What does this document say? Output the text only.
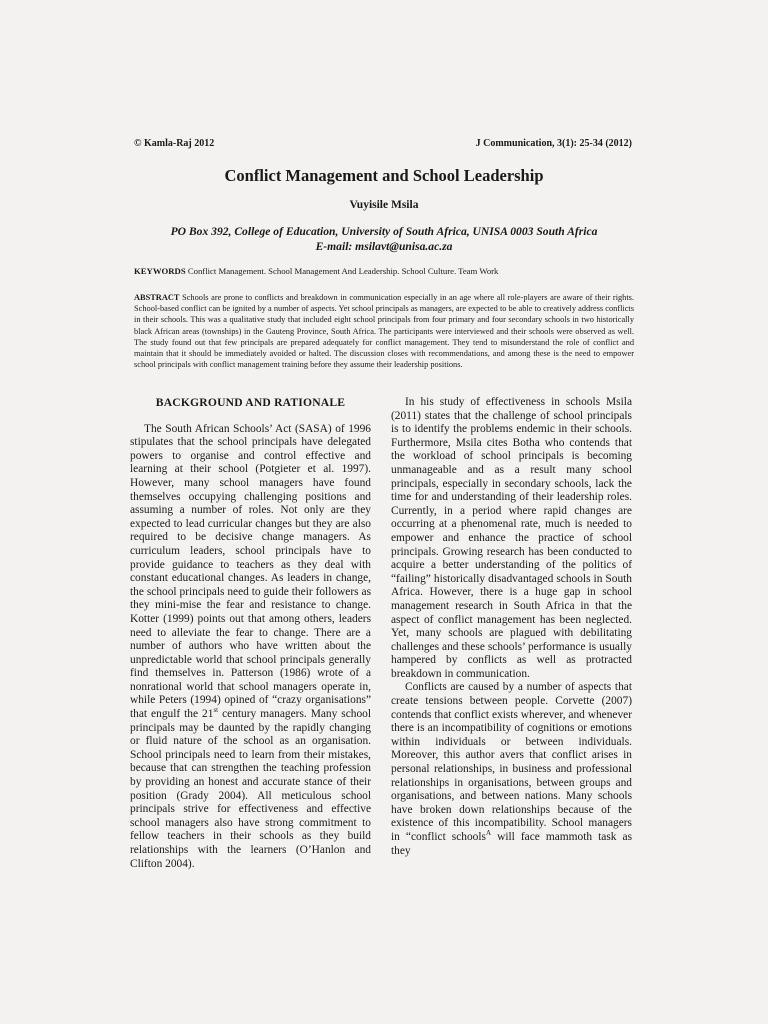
© Kamla-Raj 2012	J Communication, 3(1): 25-34 (2012)
Conflict Management and School Leadership
Vuyisile Msila
PO Box 392, College of Education, University of South Africa, UNISA 0003 South Africa
E-mail: msilavt@unisa.ac.za
KEYWORDS Conflict Management. School Management And Leadership. School Culture. Team Work
ABSTRACT Schools are prone to conflicts and breakdown in communication especially in an age where all role-players are aware of their rights. School-based conflict can be ignited by a number of aspects. Yet school principals as managers, are expected to be able to creatively address conflicts in their schools. This was a qualitative study that included eight school principals from four primary and four secondary schools in two historically black African areas (townships) in the Gauteng Province, South Africa. The participants were interviewed and their schools were observed as well. The study found out that few principals are prepared adequately for conflict management. They tend to misunderstand the role of conflict and maintain that it should be immediately avoided or halted. The discussion closes with recommendations, and among these is the need to empower school principals with conflict management training before they assume their leadership positions.
BACKGROUND AND RATIONALE

The South African Schools’ Act (SASA) of 1996 stipulates that the school principals have delegated powers to organise and control effective and learning at their school (Potgieter et al. 1997). However, many school managers have found themselves occupying challenging positions and assuming a number of roles. Not only are they expected to lead curricular changes but they are also required to be decisive change managers. As curriculum leaders, school principals have to provide guidance to teachers as they deal with constant educational changes. As leaders in change, the school principals need to guide their followers as they mini-mise the fear and resistance to change. Kotter (1999) points out that among others, leaders need to alleviate the fear to change. There are a number of authors who have written about the unpredictable world that school principals generally find themselves in. Patterson (1986) wrote of a nonrational world that school managers operate in, while Peters (1994) opined of “crazy organisations” that engulf the 21st century managers. Many school principals may be daunted by the rapidly changing or fluid nature of the school as an organisation. School principals need to learn from their mistakes, because that can strengthen the teaching profession by providing an honest and accurate stance of their position (Grady 2004). All meticulous school principals strive for effectiveness and effective school managers also have strong commitment to fellow teachers in their schools as they build relationships with the learners (O’Hanlon and Clifton 2004).

In his study of effectiveness in schools Msila (2011) states that the challenge of school principals is to identify the problems endemic in their schools. Furthermore, Msila cites Botha who contends that the workload of school principals is becoming unmanageable and as a result many school principals, especially in secondary schools, lack the time for and understanding of their leadership roles. Currently, in a period where rapid changes are occurring at a phenomenal rate, much is needed to empower and enhance the practice of school principals. Growing research has been conducted to acquire a better understanding of the politics of “failing” historically disadvantaged schools in South Africa. However, there is a huge gap in school management research in South Africa in that the aspect of conflict management has been neglected. Yet, many schools are plagued with debilitating challenges and these schools’ performance is usually hampered by conflicts as well as protracted breakdown in communication.

Conflicts are caused by a number of aspects that create tensions between people. Corvette (2007) contends that conflict exists wherever, and whenever there is an incompatibility of cognitions or emotions within individuals or between individuals. Moreover, this author avers that conflict arises in personal relationships, in business and professional relationships in organisations, between groups and organisations, and between nations. Many schools have broken down relationships because of the existence of this incompatibility. School managers in “conflict schools$^A$ will face mammoth task as they
